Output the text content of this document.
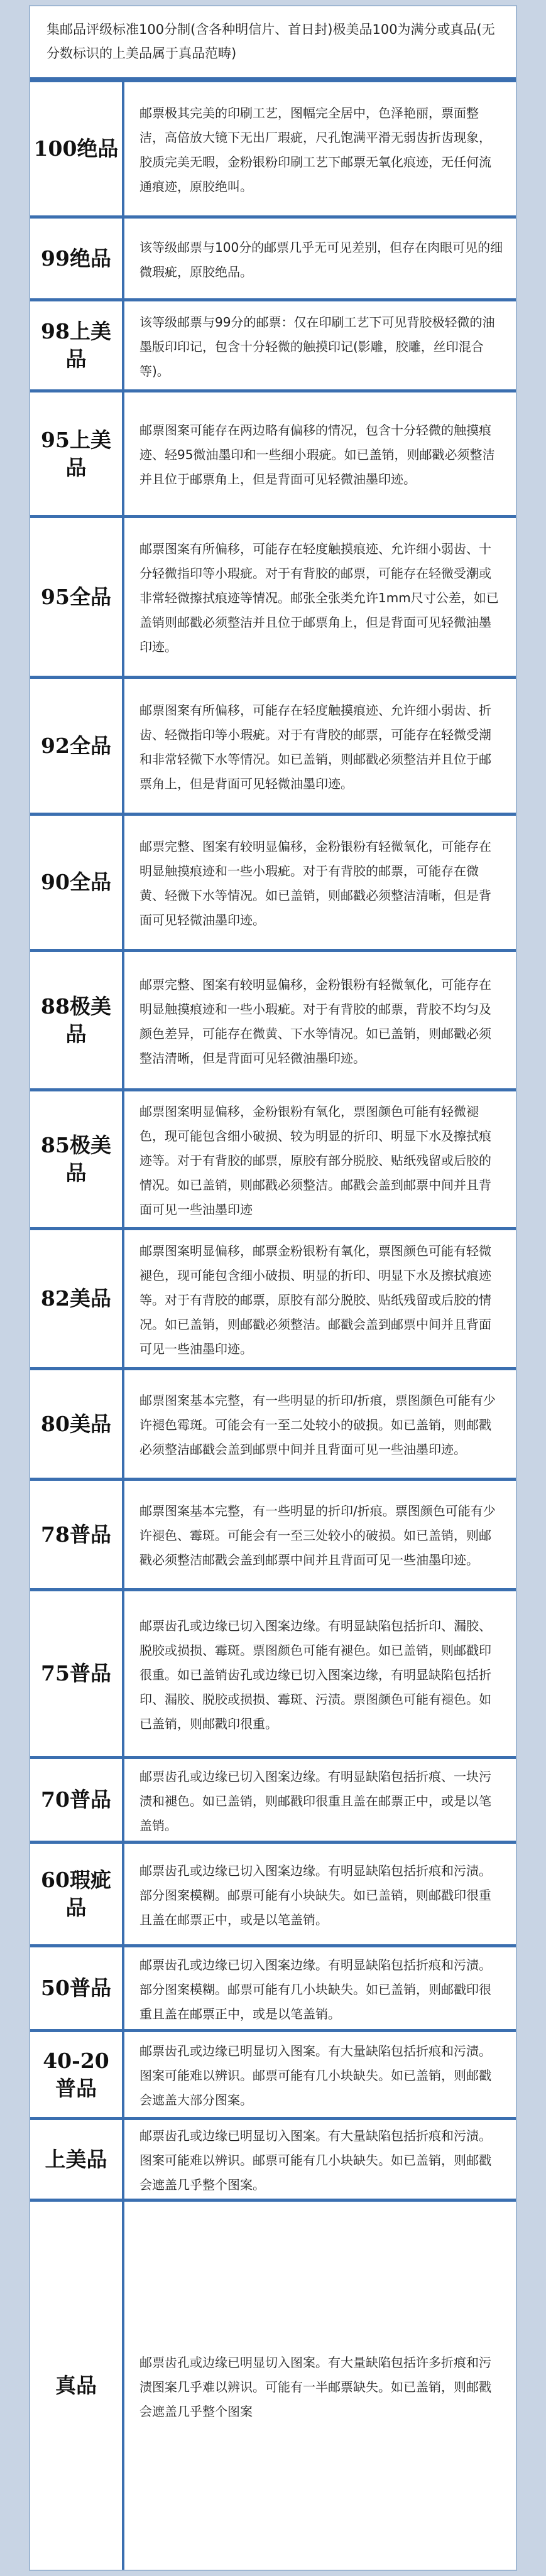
集邮品评级标准100分制(含各种明信片、首日封)极美品100为满分或真品(无分数标识的上美品属于真品范畴)
100绝品
邮票极其完美的印刷工艺，图幅完全居中，色泽艳丽，票面整洁，高倍放大镜下无出厂瑕疵，尺孔饱满平滑无弱齿折齿现象，胶质完美无暇，金粉银粉印刷工艺下邮票无氧化痕迹，无任何流通痕迹，原胶绝叫。
99绝品	该等级邮票与100分的邮票几乎无可见差别，但存在肉眼可见的细微瑕疵，原胶绝品。
98上美品
该等级邮票与99分的邮票：仅在印刷工艺下可见背胶极轻微的油墨版印印记，包含十分轻微的触摸印记(影雕，胶雕，丝印混合等)。
95上美品
邮票图案可能存在两边略有偏移的情况，包含十分轻微的触摸痕迹、轻95微油墨印和一些细小瑕疵。如已盖销，则邮戳必须整洁并且位于邮票角上，但是背面可见轻微油墨印迹。
95全品
邮票图案有所偏移，可能存在轻度触摸痕迹、允许细小弱齿、十分轻微指印等小瑕疵。对于有背胶的邮票，可能存在轻微受潮或非常轻微擦拭痕迹等情况。邮张全张类允许1mm尺寸公差，如已盖销则邮戳必须整洁并且位于邮票角上，但是背面可见轻微油墨印迹。
92全品
邮票图案有所偏移，可能存在轻度触摸痕迹、允许细小弱齿、折齿、轻微指印等小瑕疵。对于有背胶的邮票，可能存在轻微受潮和非常轻微下水等情况。如已盖销，则邮戳必须整洁并且位于邮票角上，但是背面可见轻微油墨印迹。
90全品
邮票完整、图案有较明显偏移，金粉银粉有轻微氧化，可能存在明显触摸痕迹和一些小瑕疵。对于有背胶的邮票，可能存在微黄、轻微下水等情况。如已盖销，则邮戳必须整洁清晰，但是背面可见轻微油墨印迹。
88极美品
邮票完整、图案有较明显偏移，金粉银粉有轻微氧化，可能存在明显触摸痕迹和一些小瑕疵。对于有背胶的邮票，背胶不均匀及颜色差异，可能存在微黄、下水等情况。如已盖销，则邮戳必须整洁清晰，但是背面可见轻微油墨印迹。
85极美品
邮票图案明显偏移，金粉银粉有氧化，票图颜色可能有轻微褪色，现可能包含细小破损、较为明显的折印、明显下水及擦拭痕迹等。对于有背胶的邮票，原胶有部分脱胶、贴纸残留或后胶的情况。如已盖销，则邮戳必须整洁。邮戳会盖到邮票中间并且背面可见一些油墨印迹
82美品
邮票图案明显偏移，邮票金粉银粉有氧化，票图颜色可能有轻微褪色，现可能包含细小破损、明显的折印、明显下水及擦拭痕迹等。对于有背胶的邮票，原胶有部分脱胶、贴纸残留或后胶的情况。如已盖销，则邮戳必须整洁。邮戳会盖到邮票中间并且背面可见一些油墨印迹。
80美品
邮票图案基本完整，有一些明显的折印/折痕，票图颜色可能有少许褪色霉斑。可能会有一至二处较小的破损。如已盖销，则邮戳必须整洁邮戳会盖到邮票中间并且背面可见一些油墨印迹。
78普品
邮票图案基本完整，有一些明显的折印/折痕。票图颜色可能有少许褪色、霉斑。可能会有一至三处较小的破损。如已盖销，则邮戳必须整洁邮戳会盖到邮票中间并且背面可见一些油墨印迹。
75普品
邮票齿孔或边缘已切入图案边缘。有明显缺陷包括折印、漏胶、脱胶或损损、霉斑。票图颜色可能有褪色。如已盖销，则邮戳印很重。如已盖销齿孔或边缘已切入图案边缘，有明显缺陷包括折印、漏胶、脱胶或损损、霉斑、污渍。票图颜色可能有褪色。如已盖销，则邮戳印很重。
70普品
邮票齿孔或边缘已切入图案边缘。有明显缺陷包括折痕、一块污渍和褪色。如已盖销，则邮戳印很重且盖在邮票正中，或是以笔盖销。
60瑕疵品
邮票齿孔或边缘已切入图案边缘。有明显缺陷包括折痕和污渍。部分图案模糊。邮票可能有小块缺失。如已盖销，则邮戳印很重且盖在邮票正中，或是以笔盖销。
50普品
邮票齿孔或边缘已切入图案边缘。有明显缺陷包括折痕和污渍。部分图案模糊。邮票可能有几小块缺失。如已盖销，则邮戳印很重且盖在邮票正中，或是以笔盖销。
40-20普品
邮票齿孔或边缘已明显切入图案。有大量缺陷包括折痕和污渍。图案可能难以辨识。邮票可能有几小块缺失。如已盖销，则邮戳会遮盖大部分图案。
上美品
邮票齿孔或边缘已明显切入图案。有大量缺陷包括折痕和污渍。图案可能难以辨识。邮票可能有几小块缺失。如已盖销，则邮戳会遮盖几乎整个图案。
真品
邮票齿孔或边缘已明显切入图案。有大量缺陷包括许多折痕和污渍图案几乎难以辨识。可能有一半邮票缺失。如已盖销，则邮戳会遮盖几乎整个图案
